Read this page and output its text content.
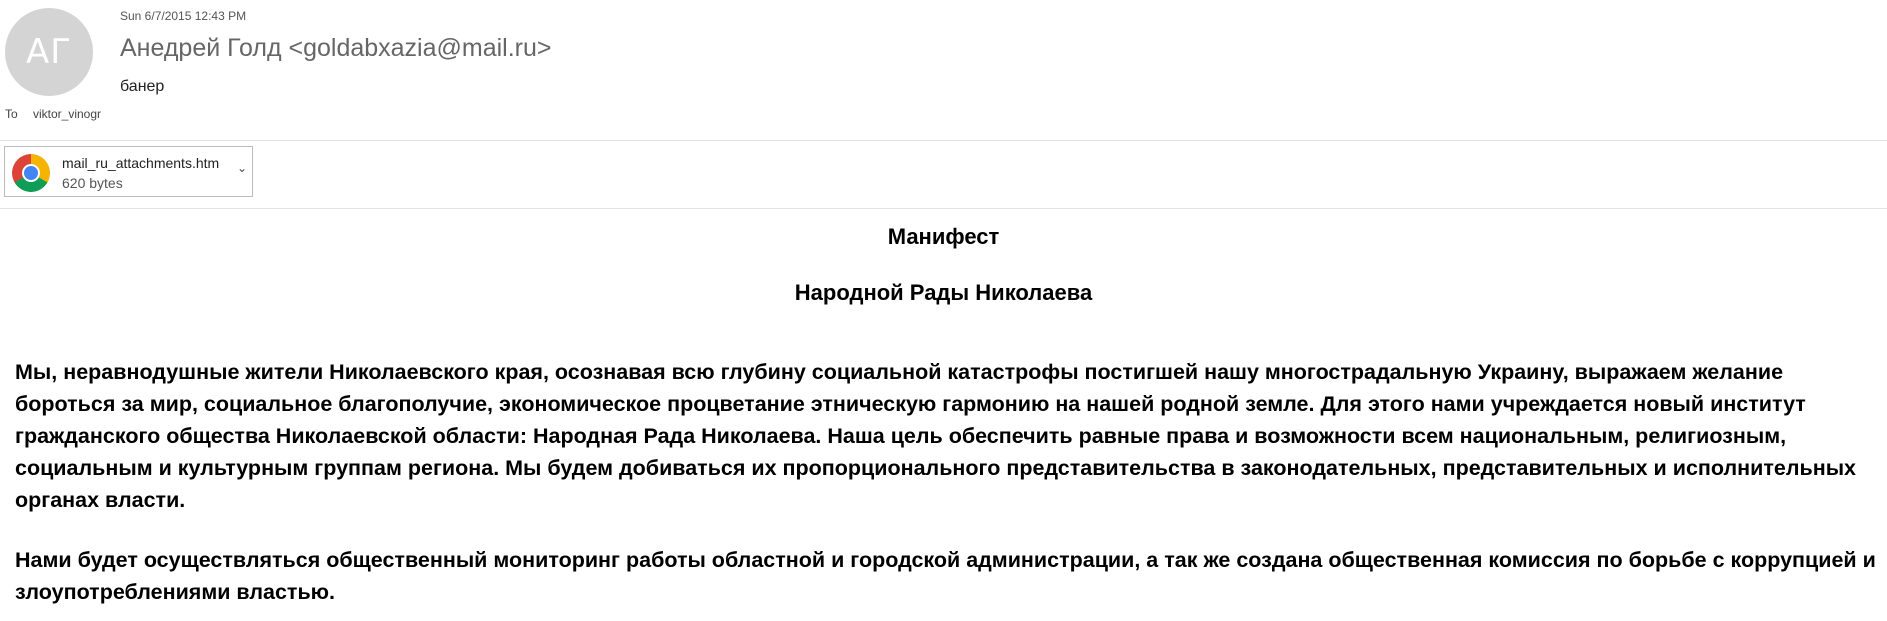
АГ
Sun 6/7/2015 12:43 PM
Анедрей Голд <goldabxazia@mail.ru>
банер
To viktor_vinogr
mail_ru_attachments.htm
620 bytes
⌄

Манифест

Народной Рады Николаева

Мы, неравнодушные жители Николаевского края, осознавая всю глубину социальной катастрофы постигшей нашу многострадальную Украину, выражаем желание бороться за мир, социальное благополучие, экономическое процветание этническую гармонию на нашей родной земле. Для этого нами учреждается новый институт гражданского общества Николаевской области: Народная Рада Николаева. Наша цель обеспечить равные права и возможности всем национальным, религиозным, социальным и культурным группам региона. Мы будем добиваться их пропорционального представительства в законодательных, представительных и исполнительных органах власти.

Нами будет осуществляться общественный мониторинг работы областной и городской администрации, а так же создана общественная комиссия по борьбе с коррупцией и злоупотреблениями властью.
